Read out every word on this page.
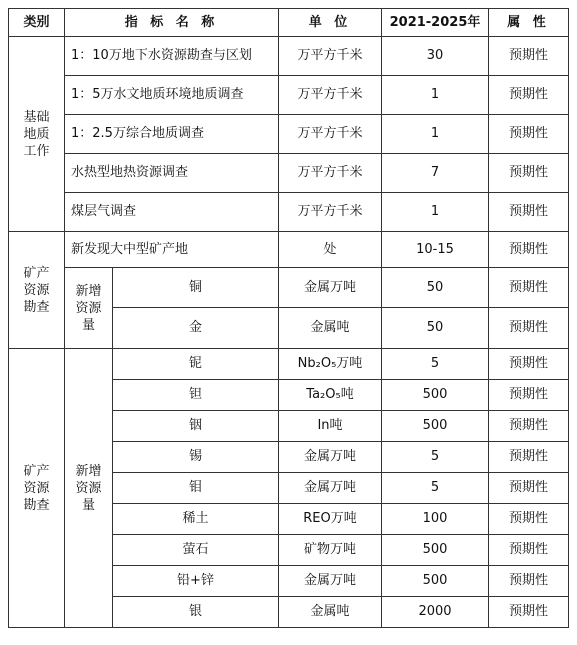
类别	指 标 名 称		单 位	2021-2025年	属 性
基础
地质
工作	1：10万地下水资源勘查与区划		万平方千米	30	预期性
	1：5万水文地质环境地质调查		万平方千米	1	预期性
	1：2.5万综合地质调查		万平方千米	1	预期性
	水热型地热资源调查		万平方千米	7	预期性
	煤层气调查		万平方千米	1	预期性
矿产
资源
勘查	新发现大中型矿产地		处	10-15	预期性
	新增
资源
量	铜	金属万吨	50	预期性
		金	金属吨	50	预期性
矿产
资源
勘查	新增
资源
量	铌	Nb₂O₅万吨	5	预期性
		钽	Ta₂O₅吨	500	预期性
		铟	In吨	500	预期性
		锡	金属万吨	5	预期性
		钼	金属万吨	5	预期性
		稀土	REO万吨	100	预期性
		萤石	矿物万吨	500	预期性
		铅+锌	金属万吨	500	预期性
		银	金属吨	2000	预期性
